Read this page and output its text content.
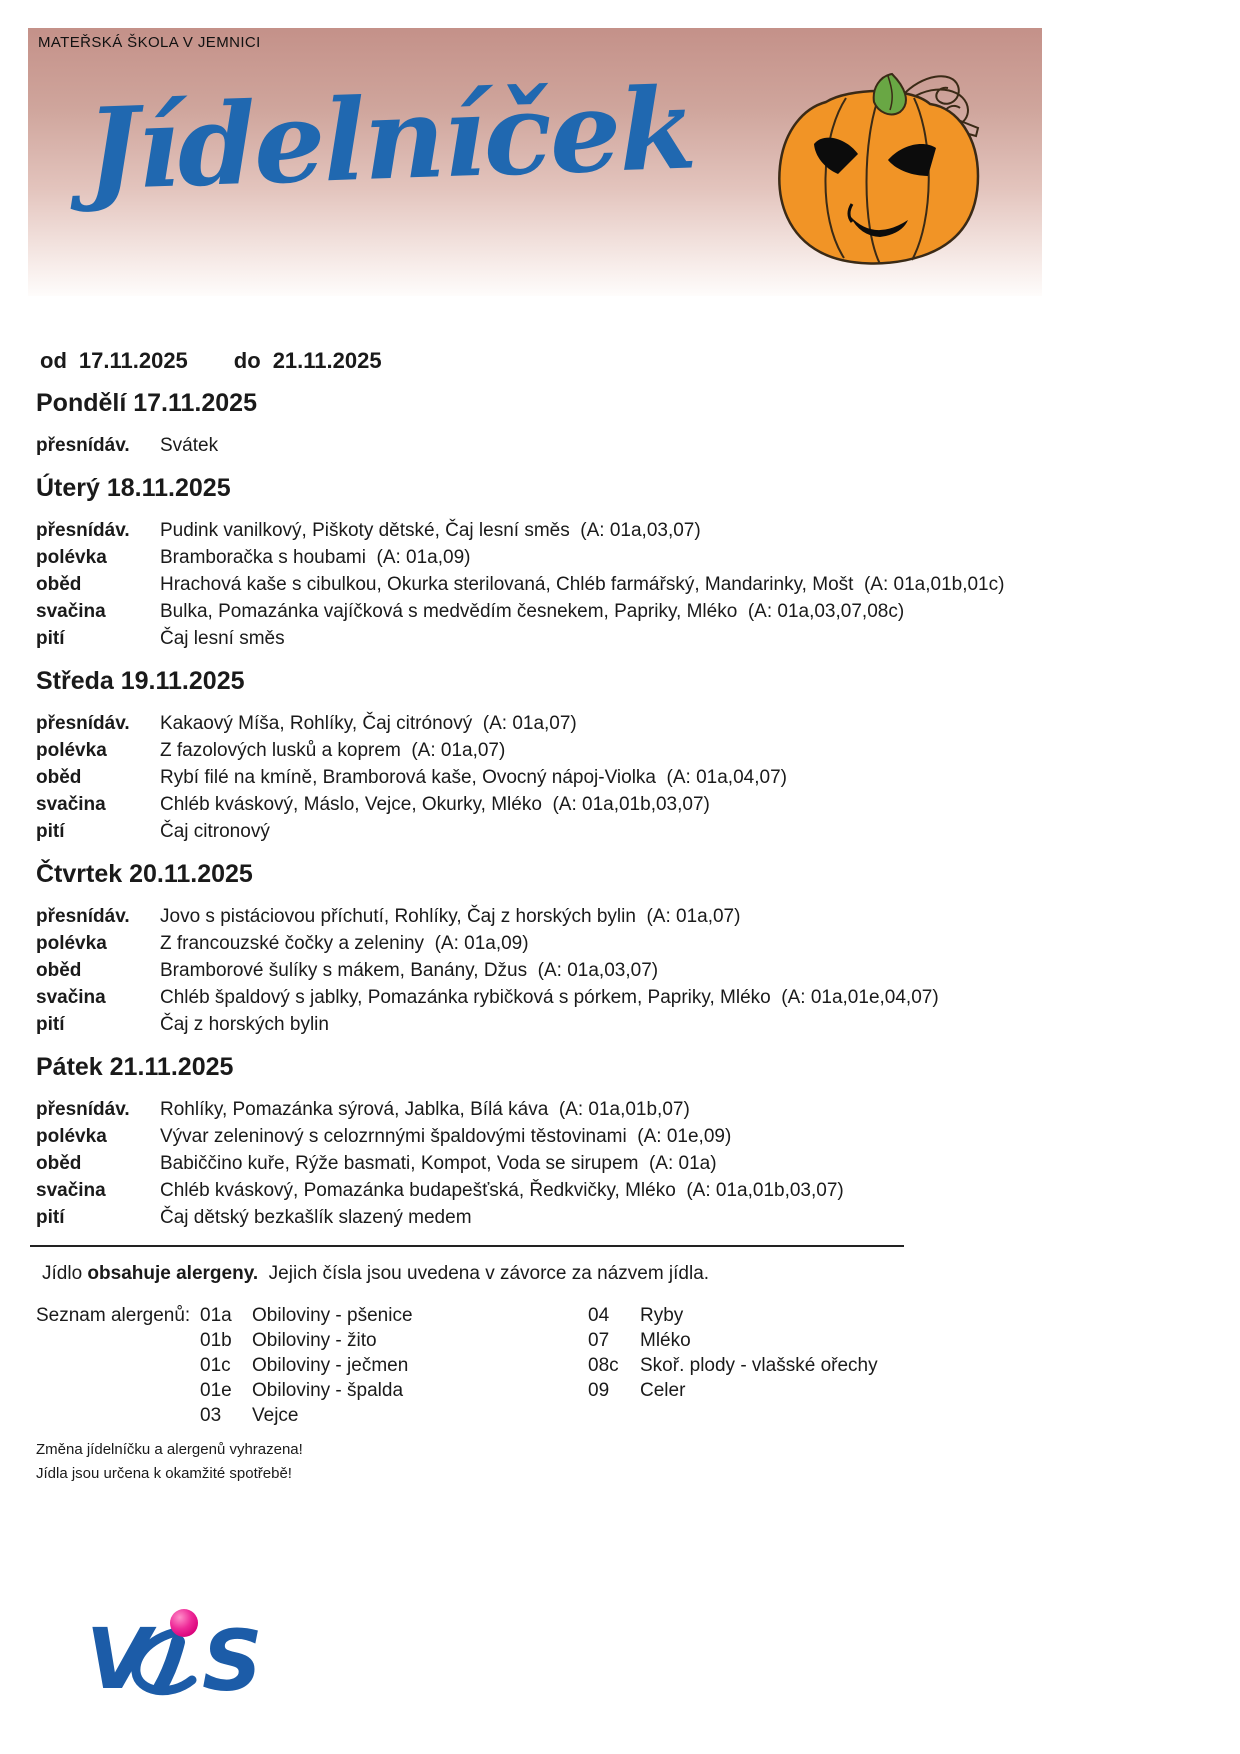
MATEŘSKÁ ŠKOLA V JEMNICI
Jídelníček
od 17.11.2025 do 21.11.2025
Pondělí 17.11.2025
přesnídáv.	Svátek
Úterý 18.11.2025
přesnídáv.	Pudink vanilkový, Piškoty dětské, Čaj lesní směs  (A: 01a,03,07)
polévka	Bramboračka s houbami  (A: 01a,09)
oběd	Hrachová kaše s cibulkou, Okurka sterilovaná, Chléb farmářský, Mandarinky, Mošt  (A: 01a,01b,01c)
svačina	Bulka, Pomazánka vajíčková s medvědím česnekem, Papriky, Mléko  (A: 01a,03,07,08c)
pití	Čaj lesní směs
Středa 19.11.2025
přesnídáv.	Kakaový Míša, Rohlíky, Čaj citrónový  (A: 01a,07)
polévka	Z fazolových lusků a koprem  (A: 01a,07)
oběd	Rybí filé na kmíně, Bramborová kaše, Ovocný nápoj-Violka  (A: 01a,04,07)
svačina	Chléb kváskový, Máslo, Vejce, Okurky, Mléko  (A: 01a,01b,03,07)
pití	Čaj citronový
Čtvrtek 20.11.2025
přesnídáv.	Jovo s pistáciovou příchutí, Rohlíky, Čaj z horských bylin  (A: 01a,07)
polévka	Z francouzské čočky a zeleniny  (A: 01a,09)
oběd	Bramborové šulíky s mákem, Banány, Džus  (A: 01a,03,07)
svačina	Chléb špaldový s jablky, Pomazánka rybičková s pórkem, Papriky, Mléko  (A: 01a,01e,04,07)
pití	Čaj z horských bylin
Pátek 21.11.2025
přesnídáv.	Rohlíky, Pomazánka sýrová, Jablka, Bílá káva  (A: 01a,01b,07)
polévka	Vývar zeleninový s celozrnnými špaldovými těstovinami  (A: 01e,09)
oběd	Babiččino kuře, Rýže basmati, Kompot, Voda se sirupem  (A: 01a)
svačina	Chléb kváskový, Pomazánka budapešťská, Ředkvičky, Mléko  (A: 01a,01b,03,07)
pití	Čaj dětský bezkašlík slazený medem
Jídlo obsahuje alergeny.  Jejich čísla jsou uvedena v závorce za názvem jídla.
Seznam alergenů: 01a	Obiloviny - pšenice	04	Ryby
01b	Obiloviny - žito	07	Mléko
01c	Obiloviny - ječmen	08c	Skoř. plody - vlašské ořechy
01e	Obiloviny - špalda	09	Celer
03	Vejce
Změna jídelníčku a alergenů vyhrazena!
Jídla jsou určena k okamžité spotřebě!
V S
